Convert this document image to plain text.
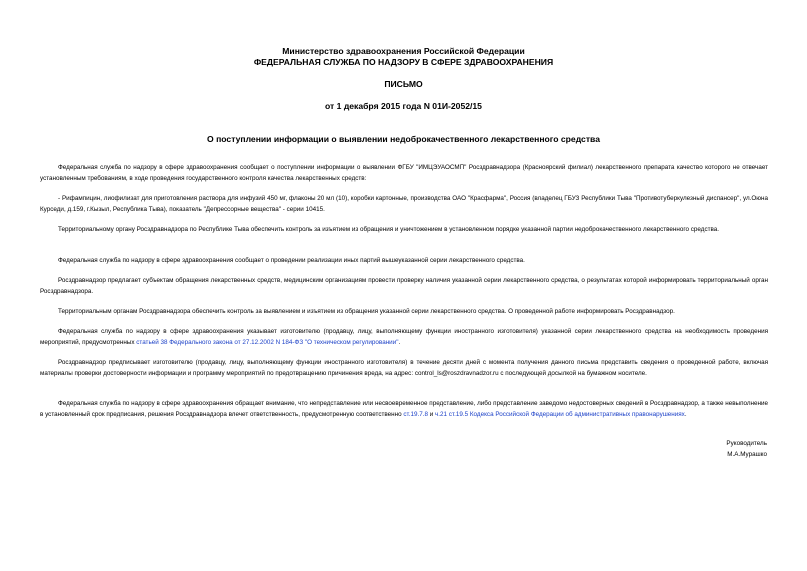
Министерство здравоохранения Российской Федерации
ФЕДЕРАЛЬНАЯ СЛУЖБА ПО НАДЗОРУ В СФЕРЕ ЗДРАВООХРАНЕНИЯ
ПИСЬМО
от 1 декабря 2015 года N 01И-2052/15
О поступлении информации о выявлении недоброкачественного лекарственного средства

Федеральная служба по надзору в сфере здравоохранения сообщает о поступлении информации о выявлении ФГБУ "ИМЦЭУАОСМП" Росздравнадзора (Красноярский филиал) лекарственного препарата качество которого не отвечает установленным требованиям, в ходе проведения государственного контроля качества лекарственных средств:

- Рифампицин, лиофилизат для приготовления раствора для инфузий 450 мг, флаконы 20 мл (10), коробки картонные, производства ОАО "Красфарма", Россия (владелец ГБУЗ Республики Тыва "Противотуберкулезный диспансер", ул.Оюна Курседи, д.159, г.Кызыл, Республика Тыва), показатель "Депрессорные вещества" - серии 10415.

Территориальному органу Росздравнадзора по Республике Тыва обеспечить контроль за изъятием из обращения и уничтожением в установленном порядке указанной партии недоброкачественного лекарственного средства.

Федеральная служба по надзору в сфере здравоохранения сообщает о проведении реализации иных партий вышеуказанной серии лекарственного средства.

Росздравнадзор предлагает субъектам обращения лекарственных средств, медицинским организациям провести проверку наличия указанной серии лекарственного средства, о результатах которой информировать территориальный орган Росздравнадзора.

Территориальным органам Росздравнадзора обеспечить контроль за выявлением и изъятием из обращения указанной серии лекарственного средства. О проведенной работе информировать Росздравнадзор.

Федеральная служба по надзору в сфере здравоохранения указывает изготовителю (продавцу, лицу, выполняющему функции иностранного изготовителя) указанной серии лекарственного средства на необходимость проведения мероприятий, предусмотренных статьей 38 Федерального закона от 27.12.2002 N 184-ФЗ "О техническом регулировании".

Росздравнадзор предписывает изготовителю (продавцу, лицу, выполняющему функции иностранного изготовителя) в течение десяти дней с момента получения данного письма представить сведения о проведенной работе, включая материалы проверки достоверности информации и программу мероприятий по предотвращению причинения вреда, на адрес: control_ls@roszdravnadzor.ru с последующей досылкой на бумажном носителе.

Федеральная служба по надзору в сфере здравоохранения обращает внимание, что непредставление или несвоевременное представление, либо представление заведомо недостоверных сведений в Росздравнадзор, а также невыполнение в установленный срок предписания, решения Росздравнадзора влечет ответственность, предусмотренную соответственно ст.19.7.8 и ч.21 ст.19.5 Кодекса Российской Федерации об административных правонарушениях.

Руководитель
М.А.Мурашко
